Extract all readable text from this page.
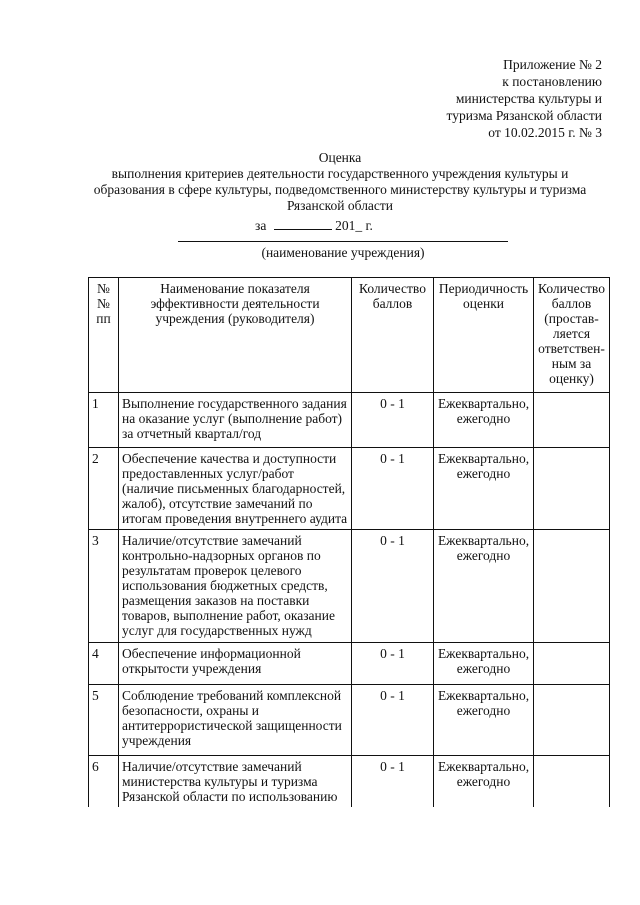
Приложение № 2
к постановлению
министерства культуры и
туризма Рязанской области
от 10.02.2015 г. № 3
Оценка
выполнения критериев деятельности государственного учреждения культуры и
образования в сфере культуры, подведомственного министерству культуры и туризма
Рязанской области
за	201_ г.
(наименование учреждения)
№ № пп	Наименование показателя эффективности деятельности учреждения (руководителя)	Количество баллов	Периодичность оценки	Количество баллов (простав-ляется ответствен-ным за оценку)
1	Выполнение государственного задания на оказание услуг (выполнение работ) за отчетный квартал/год	0 - 1	Ежеквартально, ежегодно	
2	Обеспечение качества и доступности предоставленных услуг/работ (наличие письменных благодарностей, жалоб), отсутствие замечаний по итогам проведения внутреннего аудита	0 - 1	Ежеквартально, ежегодно	
3	Наличие/отсутствие замечаний контрольно-надзорных органов по результатам проверок целевого использования бюджетных средств, размещения заказов на поставки товаров, выполнение работ, оказание услуг для государственных нужд	0 - 1	Ежеквартально, ежегодно	
4	Обеспечение информационной открытости учреждения	0 - 1	Ежеквартально, ежегодно	
5	Соблюдение требований комплексной безопасности, охраны и антитеррористической защищенности учреждения	0 - 1	Ежеквартально, ежегодно	
6	Наличие/отсутствие замечаний министерства культуры и туризма Рязанской области по использованию	0 - 1	Ежеквартально, ежегодно	
